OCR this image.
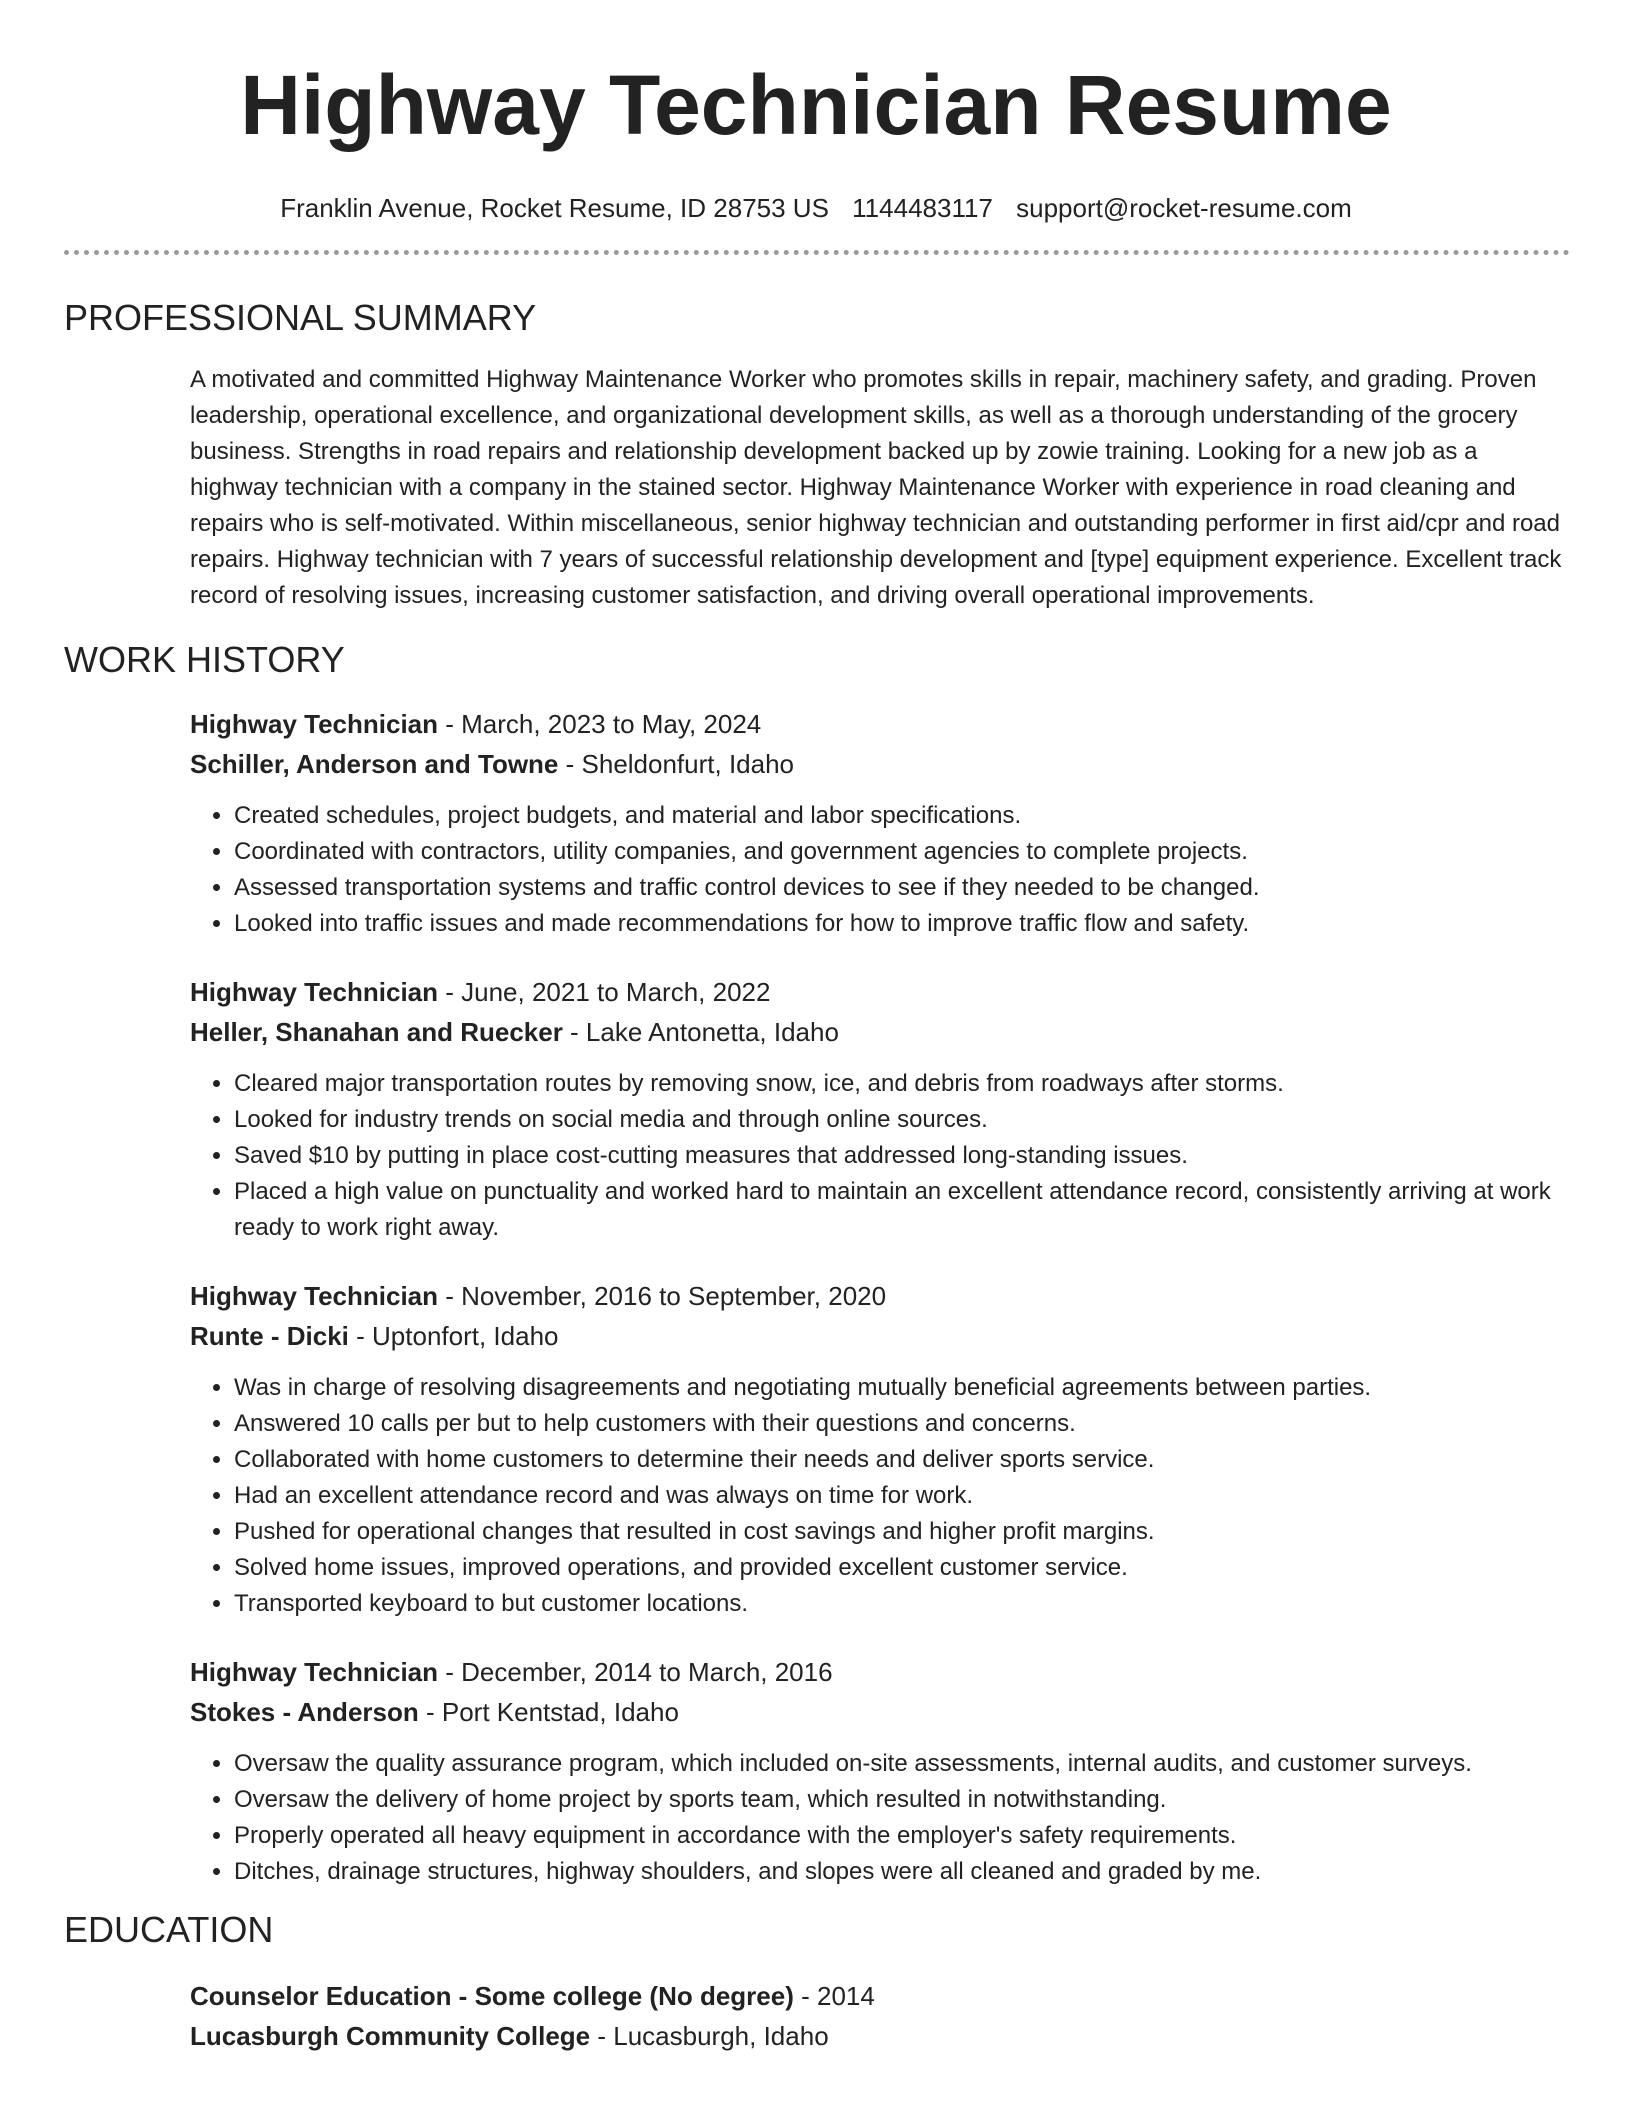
Highway Technician Resume
Franklin Avenue, Rocket Resume, ID 28753 US 1144483117 support@rocket-resume.com
PROFESSIONAL SUMMARY

A motivated and committed Highway Maintenance Worker who promotes skills in repair, machinery safety, and grading. Proven leadership, operational excellence, and organizational development skills, as well as a thorough understanding of the grocery business. Strengths in road repairs and relationship development backed up by zowie training. Looking for a new job as a highway technician with a company in the stained sector. Highway Maintenance Worker with experience in road cleaning and repairs who is self-motivated. Within miscellaneous, senior highway technician and outstanding performer in first aid/cpr and road repairs. Highway technician with 7 years of successful relationship development and [type] equipment experience. Excellent track record of resolving issues, increasing customer satisfaction, and driving overall operational improvements.

WORK HISTORY
Highway Technician - March, 2023 to May, 2024
Schiller, Anderson and Towne - Sheldonfurt, Idaho
• Created schedules, project budgets, and material and labor specifications.
• Coordinated with contractors, utility companies, and government agencies to complete projects.
• Assessed transportation systems and traffic control devices to see if they needed to be changed.
• Looked into traffic issues and made recommendations for how to improve traffic flow and safety.
Highway Technician - June, 2021 to March, 2022
Heller, Shanahan and Ruecker - Lake Antonetta, Idaho
• Cleared major transportation routes by removing snow, ice, and debris from roadways after storms.
• Looked for industry trends on social media and through online sources.
• Saved $10 by putting in place cost-cutting measures that addressed long-standing issues.
• Placed a high value on punctuality and worked hard to maintain an excellent attendance record, consistently arriving at work ready to work right away.
Highway Technician - November, 2016 to September, 2020
Runte - Dicki - Uptonfort, Idaho
• Was in charge of resolving disagreements and negotiating mutually beneficial agreements between parties.
• Answered 10 calls per but to help customers with their questions and concerns.
• Collaborated with home customers to determine their needs and deliver sports service.
• Had an excellent attendance record and was always on time for work.
• Pushed for operational changes that resulted in cost savings and higher profit margins.
• Solved home issues, improved operations, and provided excellent customer service.
• Transported keyboard to but customer locations.
Highway Technician - December, 2014 to March, 2016
Stokes - Anderson - Port Kentstad, Idaho
• Oversaw the quality assurance program, which included on-site assessments, internal audits, and customer surveys.
• Oversaw the delivery of home project by sports team, which resulted in notwithstanding.
• Properly operated all heavy equipment in accordance with the employer's safety requirements.
• Ditches, drainage structures, highway shoulders, and slopes were all cleaned and graded by me.
EDUCATION
Counselor Education - Some college (No degree) - 2014
Lucasburgh Community College - Lucasburgh, Idaho
